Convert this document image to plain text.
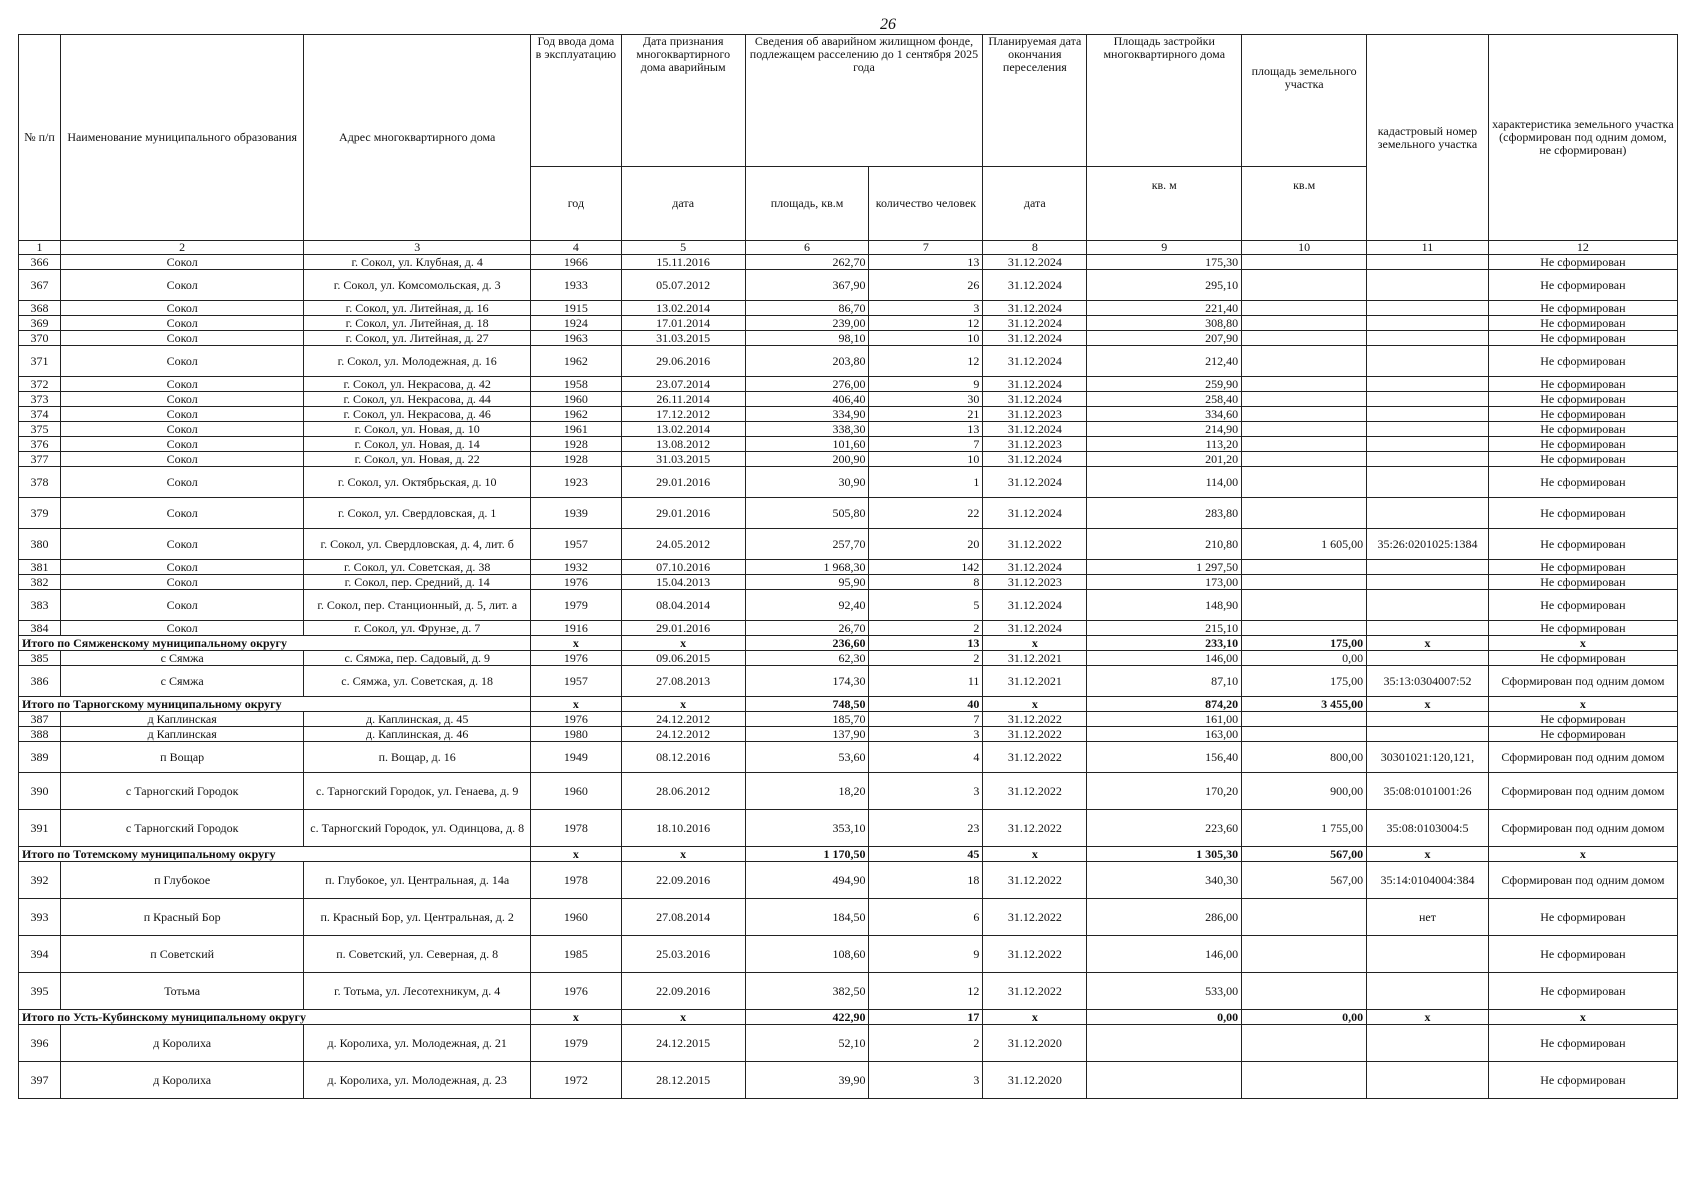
26
№ п/п	Наименование муниципального образования	Адрес многоквартирного дома	Год ввода дома в эксплуатацию	Дата признания многоквартирного дома аварийным	Сведения об аварийном жилищном фонде, подлежащем расселению до 1 сентября 2025 года		Планируемая дата окончания переселения	Площадь застройки многоквартирного дома	площадь земельного участка	кадастровый номер земельного участка	характеристика земельного участка (сформирован под одним домом, не сформирован)
			год	дата	площадь, кв.м	количество человек	дата	кв. м	кв.м		
1	2	3	4	5	6	7	8	9	10	11	12
366	Сокол	г. Сокол, ул. Клубная, д. 4	1966	15.11.2016	262,70	13	31.12.2024	175,30			Не сформирован
367	Сокол	г. Сокол, ул. Комсомольская, д. 3	1933	05.07.2012	367,90	26	31.12.2024	295,10			Не сформирован
368	Сокол	г. Сокол, ул. Литейная, д. 16	1915	13.02.2014	86,70	3	31.12.2024	221,40			Не сформирован
369	Сокол	г. Сокол, ул. Литейная, д. 18	1924	17.01.2014	239,00	12	31.12.2024	308,80			Не сформирован
370	Сокол	г. Сокол, ул. Литейная, д. 27	1963	31.03.2015	98,10	10	31.12.2024	207,90			Не сформирован
371	Сокол	г. Сокол, ул. Молодежная, д. 16	1962	29.06.2016	203,80	12	31.12.2024	212,40			Не сформирован
372	Сокол	г. Сокол, ул. Некрасова, д. 42	1958	23.07.2014	276,00	9	31.12.2024	259,90			Не сформирован
373	Сокол	г. Сокол, ул. Некрасова, д. 44	1960	26.11.2014	406,40	30	31.12.2024	258,40			Не сформирован
374	Сокол	г. Сокол, ул. Некрасова, д. 46	1962	17.12.2012	334,90	21	31.12.2023	334,60			Не сформирован
375	Сокол	г. Сокол, ул. Новая, д. 10	1961	13.02.2014	338,30	13	31.12.2024	214,90			Не сформирован
376	Сокол	г. Сокол, ул. Новая, д. 14	1928	13.08.2012	101,60	7	31.12.2023	113,20			Не сформирован
377	Сокол	г. Сокол, ул. Новая, д. 22	1928	31.03.2015	200,90	10	31.12.2024	201,20			Не сформирован
378	Сокол	г. Сокол, ул. Октябрьская, д. 10	1923	29.01.2016	30,90	1	31.12.2024	114,00			Не сформирован
379	Сокол	г. Сокол, ул. Свердловская, д. 1	1939	29.01.2016	505,80	22	31.12.2024	283,80			Не сформирован
380	Сокол	г. Сокол, ул. Свердловская, д. 4, лит. б	1957	24.05.2012	257,70	20	31.12.2022	210,80	1 605,00	35:26:0201025:1384	Не сформирован
381	Сокол	г. Сокол, ул. Советская, д. 38	1932	07.10.2016	1 968,30	142	31.12.2024	1 297,50			Не сформирован
382	Сокол	г. Сокол, пер. Средний, д. 14	1976	15.04.2013	95,90	8	31.12.2023	173,00			Не сформирован
383	Сокол	г. Сокол, пер. Станционный, д. 5, лит. а	1979	08.04.2014	92,40	5	31.12.2024	148,90			Не сформирован
384	Сокол	г. Сокол, ул. Фрунзе, д. 7	1916	29.01.2016	26,70	2	31.12.2024	215,10			Не сформирован
Итого по Сямженскому муниципальному округу			x	x	236,60	13	x	233,10	175,00	x	x
385	с Сямжа	с. Сямжа, пер. Садовый, д. 9	1976	09.06.2015	62,30	2	31.12.2021	146,00	0,00		Не сформирован
386	с Сямжа	с. Сямжа, ул. Советская, д. 18	1957	27.08.2013	174,30	11	31.12.2021	87,10	175,00	35:13:0304007:52	Сформирован под одним домом
Итого по Тарногскому муниципальному округу			x	x	748,50	40	x	874,20	3 455,00	x	x
387	д Каплинская	д. Каплинская, д. 45	1976	24.12.2012	185,70	7	31.12.2022	161,00			Не сформирован
388	д Каплинская	д. Каплинская, д. 46	1980	24.12.2012	137,90	3	31.12.2022	163,00			Не сформирован
389	п Вощар	п. Вощар, д. 16	1949	08.12.2016	53,60	4	31.12.2022	156,40	800,00	30301021:120,121,	Сформирован под одним домом
390	с Тарногский Городок	с. Тарногский Городок, ул. Генаева, д. 9	1960	28.06.2012	18,20	3	31.12.2022	170,20	900,00	35:08:0101001:26	Сформирован под одним домом
391	с Тарногский Городок	с. Тарногский Городок, ул. Одинцова, д. 8	1978	18.10.2016	353,10	23	31.12.2022	223,60	1 755,00	35:08:0103004:5	Сформирован под одним домом
Итого по Тотемскому муниципальному округу			x	x	1 170,50	45	x	1 305,30	567,00	x	x
392	п Глубокое	п. Глубокое, ул. Центральная, д. 14а	1978	22.09.2016	494,90	18	31.12.2022	340,30	567,00	35:14:0104004:384	Сформирован под одним домом
393	п Красный Бор	п. Красный Бор, ул. Центральная, д. 2	1960	27.08.2014	184,50	6	31.12.2022	286,00		нет	Не сформирован
394	п Советский	п. Советский, ул. Северная, д. 8	1985	25.03.2016	108,60	9	31.12.2022	146,00			Не сформирован
395	Тотьма	г. Тотьма, ул. Лесотехникум, д. 4	1976	22.09.2016	382,50	12	31.12.2022	533,00			Не сформирован
Итого по Усть-Кубинскому муниципальному округу			x	x	422,90	17	x	0,00	0,00	x	x
396	д Королиха	д. Королиха, ул. Молодежная, д. 21	1979	24.12.2015	52,10	2	31.12.2020				Не сформирован
397	д Королиха	д. Королиха, ул. Молодежная, д. 23	1972	28.12.2015	39,90	3	31.12.2020				Не сформирован
